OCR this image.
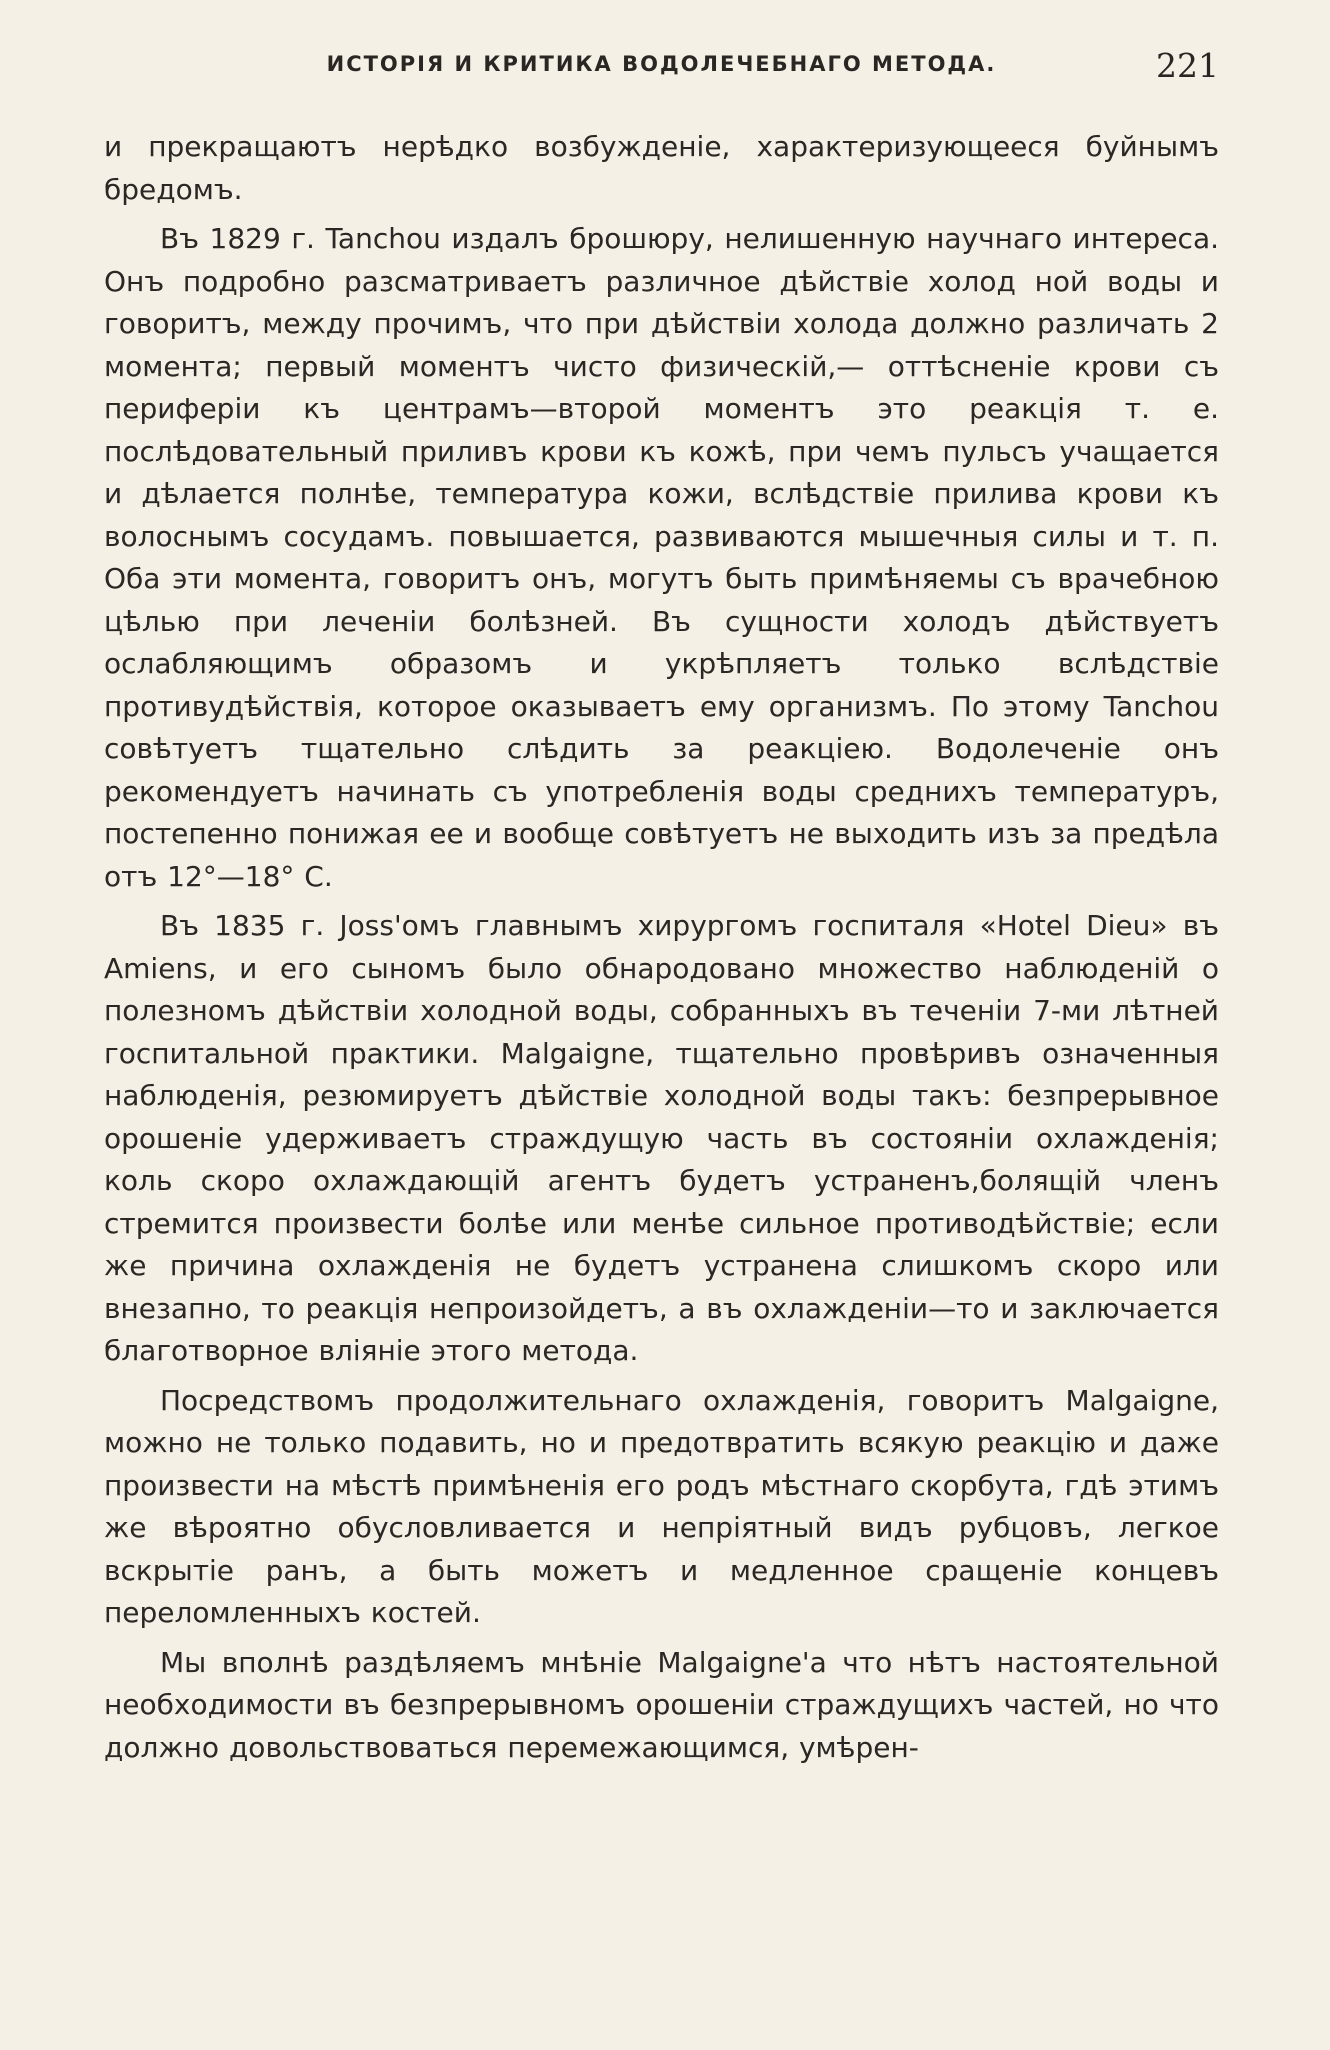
ИСТОРІЯ И КРИТИКА ВОДОЛЕЧЕБНАГО МЕТОДА.	221

и прекращаютъ нерѣдко возбужденіе, характеризующееся буйнымъ бредомъ.

Въ 1829 г. Tanchou издалъ брошюру, нелишенную научнаго интереса. Онъ подробно разсматриваетъ различное дѣйствіе холод ной воды и говоритъ, между прочимъ, что при дѣйствіи холода должно различать 2 момента; первый моментъ чисто физическій,— оттѣсненіе крови съ периферіи къ центрамъ—второй моментъ это реакція т. е. послѣдовательный приливъ крови къ кожѣ, при чемъ пульсъ учащается и дѣлается полнѣе, температура кожи, вслѣдствіе прилива крови къ волоснымъ сосудамъ. повышается, развиваются мышечныя силы и т. п. Оба эти момента, говоритъ онъ, могутъ быть примѣняемы съ врачебною цѣлью при леченіи болѣзней. Въ сущности холодъ дѣйствуетъ ослабляющимъ образомъ и укрѣпляетъ только вслѣдствіе противудѣйствія, которое оказываетъ ему организмъ. По этому Tanchou совѣтуетъ тщательно слѣдить за реакціею. Водолеченіе онъ рекомендуетъ начинать съ употребленія воды среднихъ температуръ, постепенно понижая ее и вообще совѣтуетъ не выходить изъ за предѣла отъ 12°—18° C.

Въ 1835 г. Joss'омъ главнымъ хирургомъ госпиталя «Hotel Dieu» въ Amiens, и его сыномъ было обнародовано множество наблюденій о полезномъ дѣйствіи холодной воды, собранныхъ въ теченіи 7-ми лѣтней госпитальной практики. Malgaigne, тщательно провѣривъ означенныя наблюденія, резюмируетъ дѣйствіе холодной воды такъ: безпрерывное орошеніе удерживаетъ страждущую часть въ состояніи охлажденія; коль скоро охлаждающій агентъ будетъ устраненъ,болящій членъ стремится произвести болѣе или менѣе сильное противодѣйствіе; если же причина охлажденія не будетъ устранена слишкомъ скоро или внезапно, то реакція непроизойдетъ, а въ охлажденіи—то и заключается благотворное вліяніе этого метода.

Посредствомъ продолжительнаго охлажденія, говоритъ Malgaigne, можно не только подавить, но и предотвратить всякую реакцію и даже произвести на мѣстѣ примѣненія его родъ мѣстнаго скорбута, гдѣ этимъ же вѣроятно обусловливается и непріятный видъ рубцовъ, легкое вскрытіе ранъ, а быть можетъ и медленное сращеніе концевъ переломленныхъ костей.

Мы вполнѣ раздѣляемъ мнѣніе Malgaigne'а что нѣтъ настоятельной необходимости въ безпрерывномъ орошеніи страждущихъ частей, но что должно довольствоваться перемежающимся, умѣрен-
